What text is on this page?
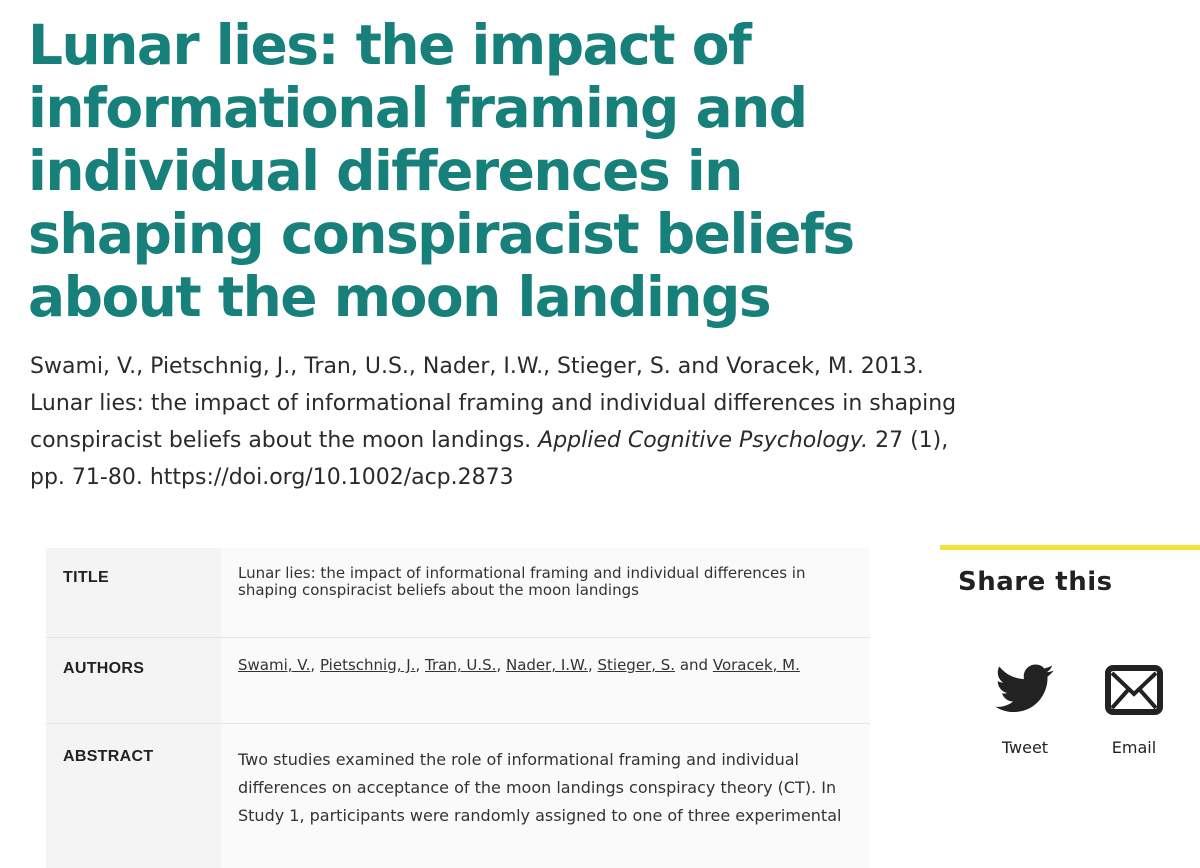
Lunar lies: the impact of informational framing and individual differences in shaping conspiracist beliefs about the moon landings

Swami, V., Pietschnig, J., Tran, U.S., Nader, I.W., Stieger, S. and Voracek, M. 2013.
Lunar lies: the impact of informational framing and individual differences in shaping conspiracist beliefs about the moon landings. Applied Cognitive Psychology. 27 (1), pp. 71-80. https://doi.org/10.1002/acp.2873

TITLE	Lunar lies: the impact of informational framing and individual differences in shaping conspiracist beliefs about the moon landings
AUTHORS	Swami, V., Pietschnig, J., Tran, U.S., Nader, I.W., Stieger, S. and Voracek, M.
ABSTRACT	Two studies examined the role of informational framing and individual differences on acceptance of the moon landings conspiracy theory (CT). In Study 1, participants were randomly assigned to one of three experimental
Share this
Tweet	Email
